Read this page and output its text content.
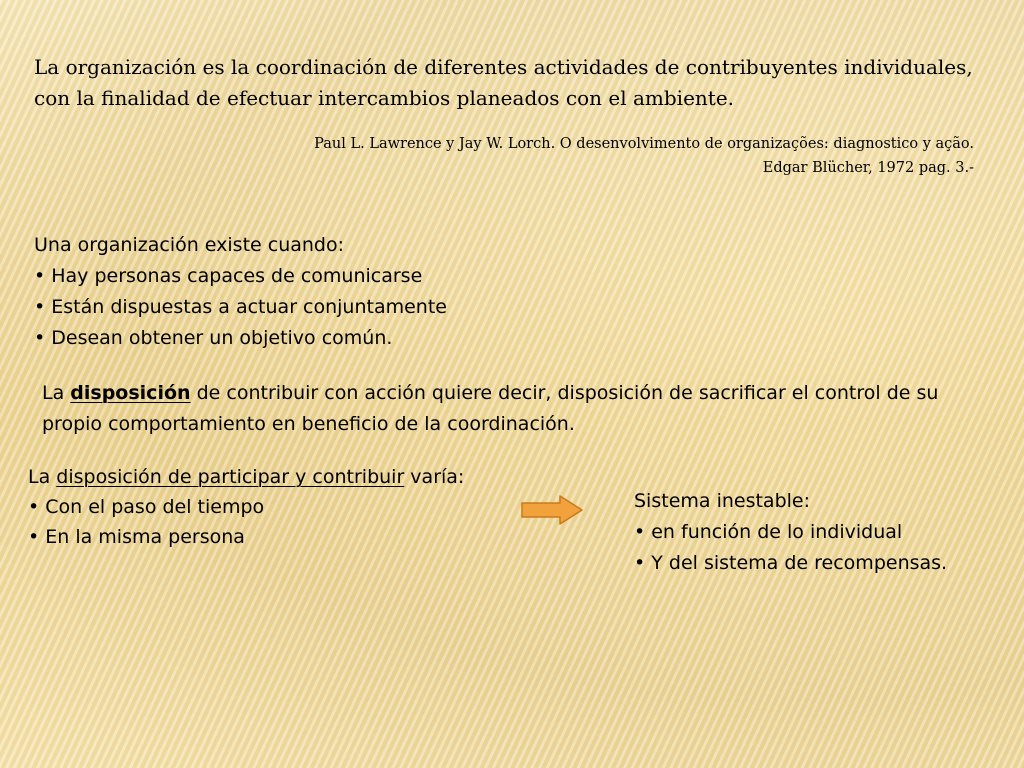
La organización es la coordinación de diferentes actividades de contribuyentes individuales, con la finalidad de efectuar intercambios planeados con el ambiente.
Paul L. Lawrence y Jay W. Lorch. O desenvolvimento de organizações: diagnostico y ação.
Edgar Blücher, 1972 pag. 3.-
Una organización existe cuando:
• Hay personas capaces de comunicarse
• Están dispuestas a actuar conjuntamente
• Desean obtener un objetivo común.
La disposición de contribuir con acción quiere decir, disposición de sacrificar el control de su propio comportamiento en beneficio de la coordinación.
La disposición de participar y contribuir varía:
• Con el paso del tiempo
• En la misma persona
Sistema inestable:
• en función de lo individual
• Y del sistema de recompensas.
